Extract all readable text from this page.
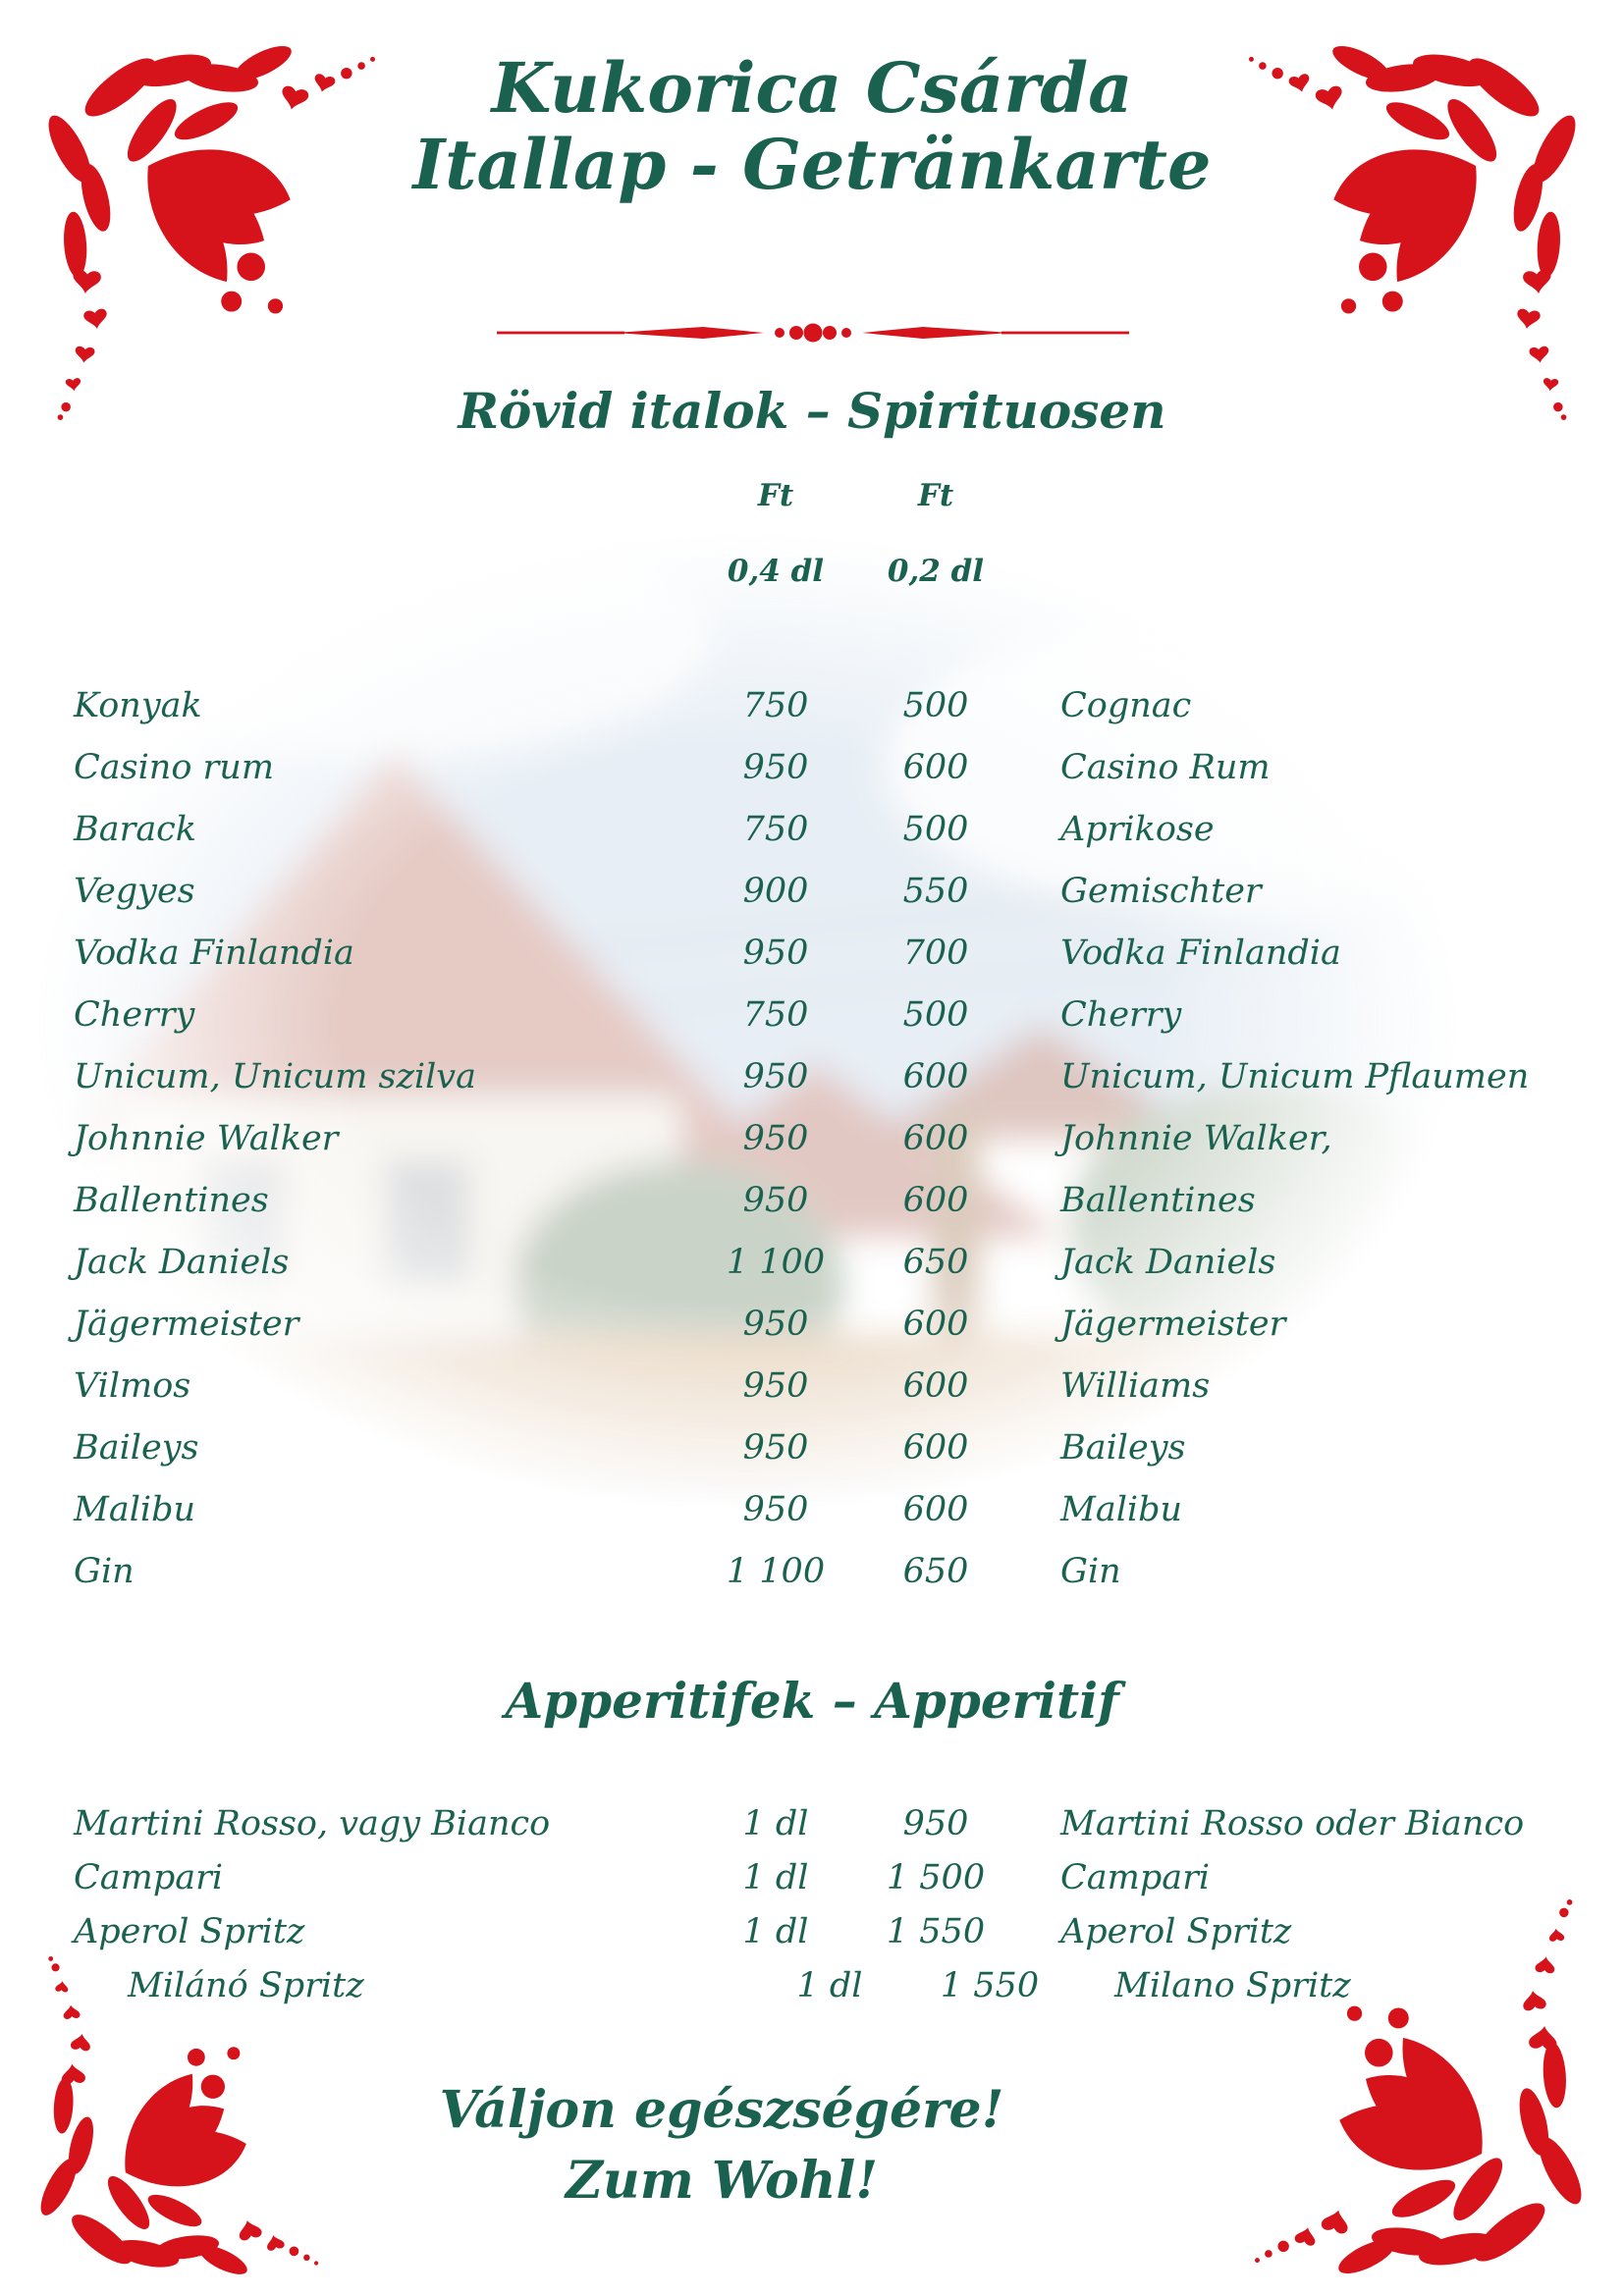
Kukorica Csárda
Itallap - Getränkarte
Rövid italok – Spirituosen
Ft	Ft
0,4 dl	0,2 dl
Konyak	750	500	Cognac
Casino rum	950	600	Casino Rum
Barack	750	500	Aprikose
Vegyes	900	550	Gemischter
Vodka Finlandia	950	700	Vodka Finlandia
Cherry	750	500	Cherry
Unicum, Unicum szilva	950	600	Unicum, Unicum Pflaumen
Johnnie Walker	950	600	Johnnie Walker,
Ballentines	950	600	Ballentines
Jack Daniels	1 100	650	Jack Daniels
Jägermeister	950	600	Jägermeister
Vilmos	950	600	Williams
Baileys	950	600	Baileys
Malibu	950	600	Malibu
Gin	1 100	650	Gin
Apperitifek – Apperitif
Martini Rosso, vagy Bianco	1 dl	950	Martini Rosso oder Bianco
Campari	1 dl	1 500	Campari
Aperol Spritz	1 dl	1 550	Aperol Spritz
Milánó Spritz	1 dl	1 550	Milano Spritz
Váljon egészségére!
Zum Wohl!
